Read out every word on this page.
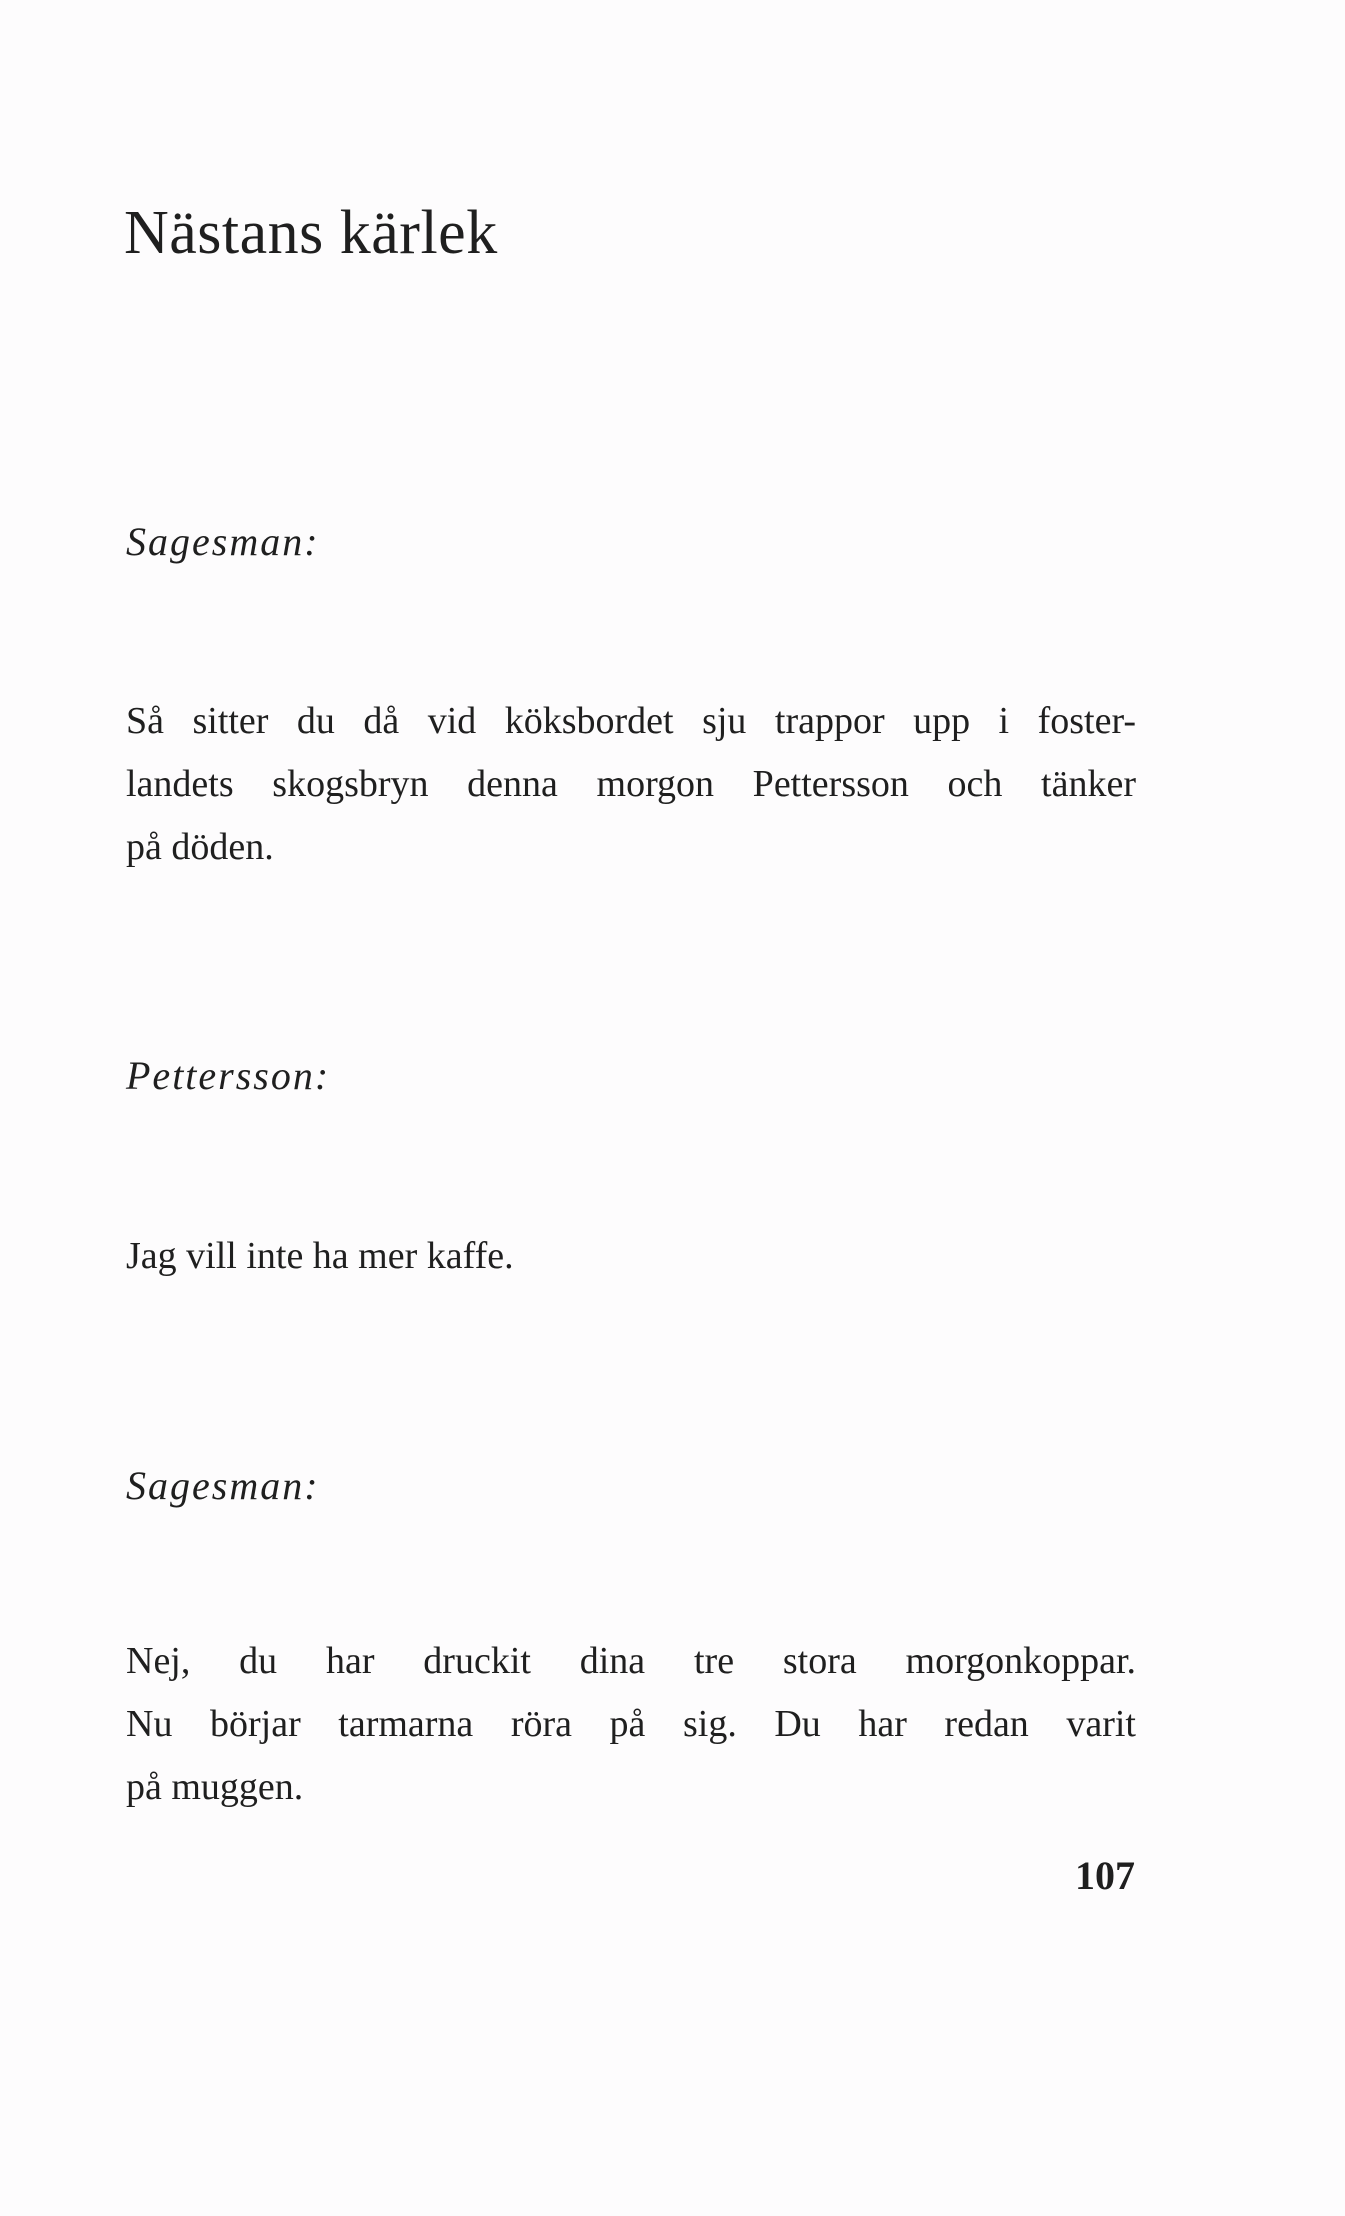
Nästans kärlek

Sagesman:

Så sitter du då vid köksbordet sju trappor upp i foster-
landets skogsbryn denna morgon Pettersson och tänker
på döden.

Pettersson:

Jag vill inte ha mer kaffe.

Sagesman:

Nej, du har druckit dina tre stora morgonkoppar.
Nu börjar tarmarna röra på sig. Du har redan varit
på muggen.

107
